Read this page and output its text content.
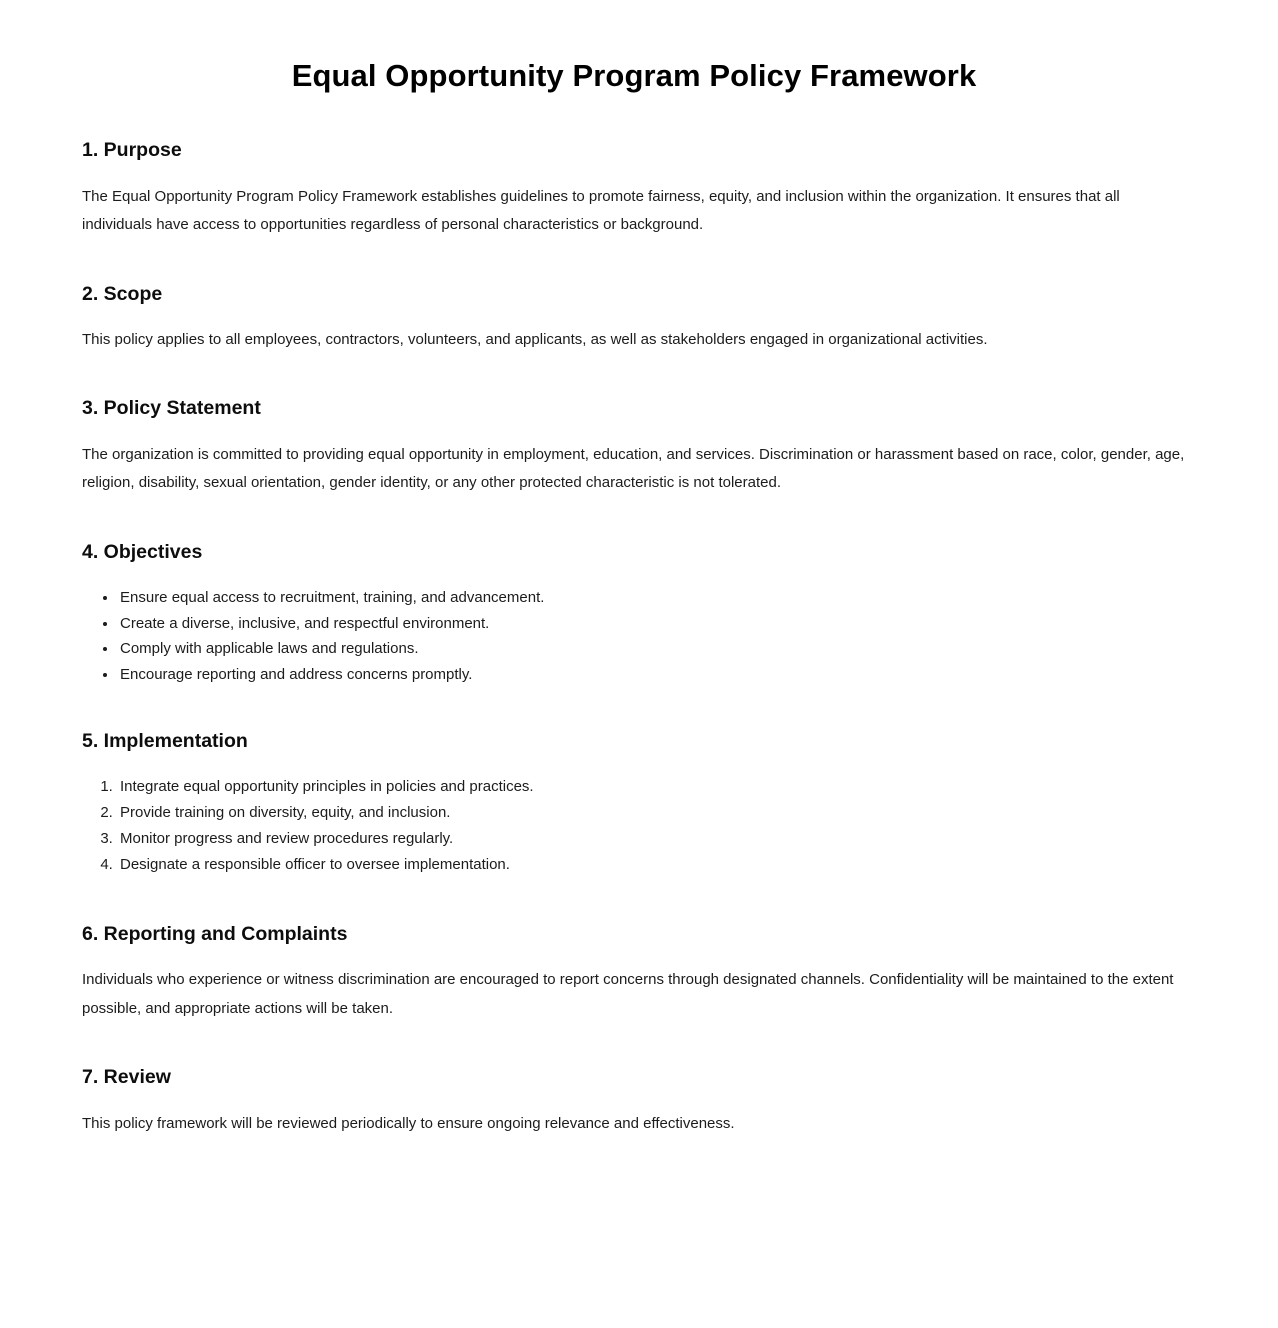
Equal Opportunity Program Policy Framework
1. Purpose

The Equal Opportunity Program Policy Framework establishes guidelines to promote fairness, equity, and inclusion within the organization. It ensures that all individuals have access to opportunities regardless of personal characteristics or background.

2. Scope

This policy applies to all employees, contractors, volunteers, and applicants, as well as stakeholders engaged in organizational activities.

3. Policy Statement

The organization is committed to providing equal opportunity in employment, education, and services. Discrimination or harassment based on race, color, gender, age, religion, disability, sexual orientation, gender identity, or any other protected characteristic is not tolerated.

4. Objectives
• Ensure equal access to recruitment, training, and advancement.
• Create a diverse, inclusive, and respectful environment.
• Comply with applicable laws and regulations.
• Encourage reporting and address concerns promptly.
5. Implementation
1. Integrate equal opportunity principles in policies and practices.
2. Provide training on diversity, equity, and inclusion.
3. Monitor progress and review procedures regularly.
4. Designate a responsible officer to oversee implementation.
6. Reporting and Complaints

Individuals who experience or witness discrimination are encouraged to report concerns through designated channels. Confidentiality will be maintained to the extent possible, and appropriate actions will be taken.

7. Review

This policy framework will be reviewed periodically to ensure ongoing relevance and effectiveness.
